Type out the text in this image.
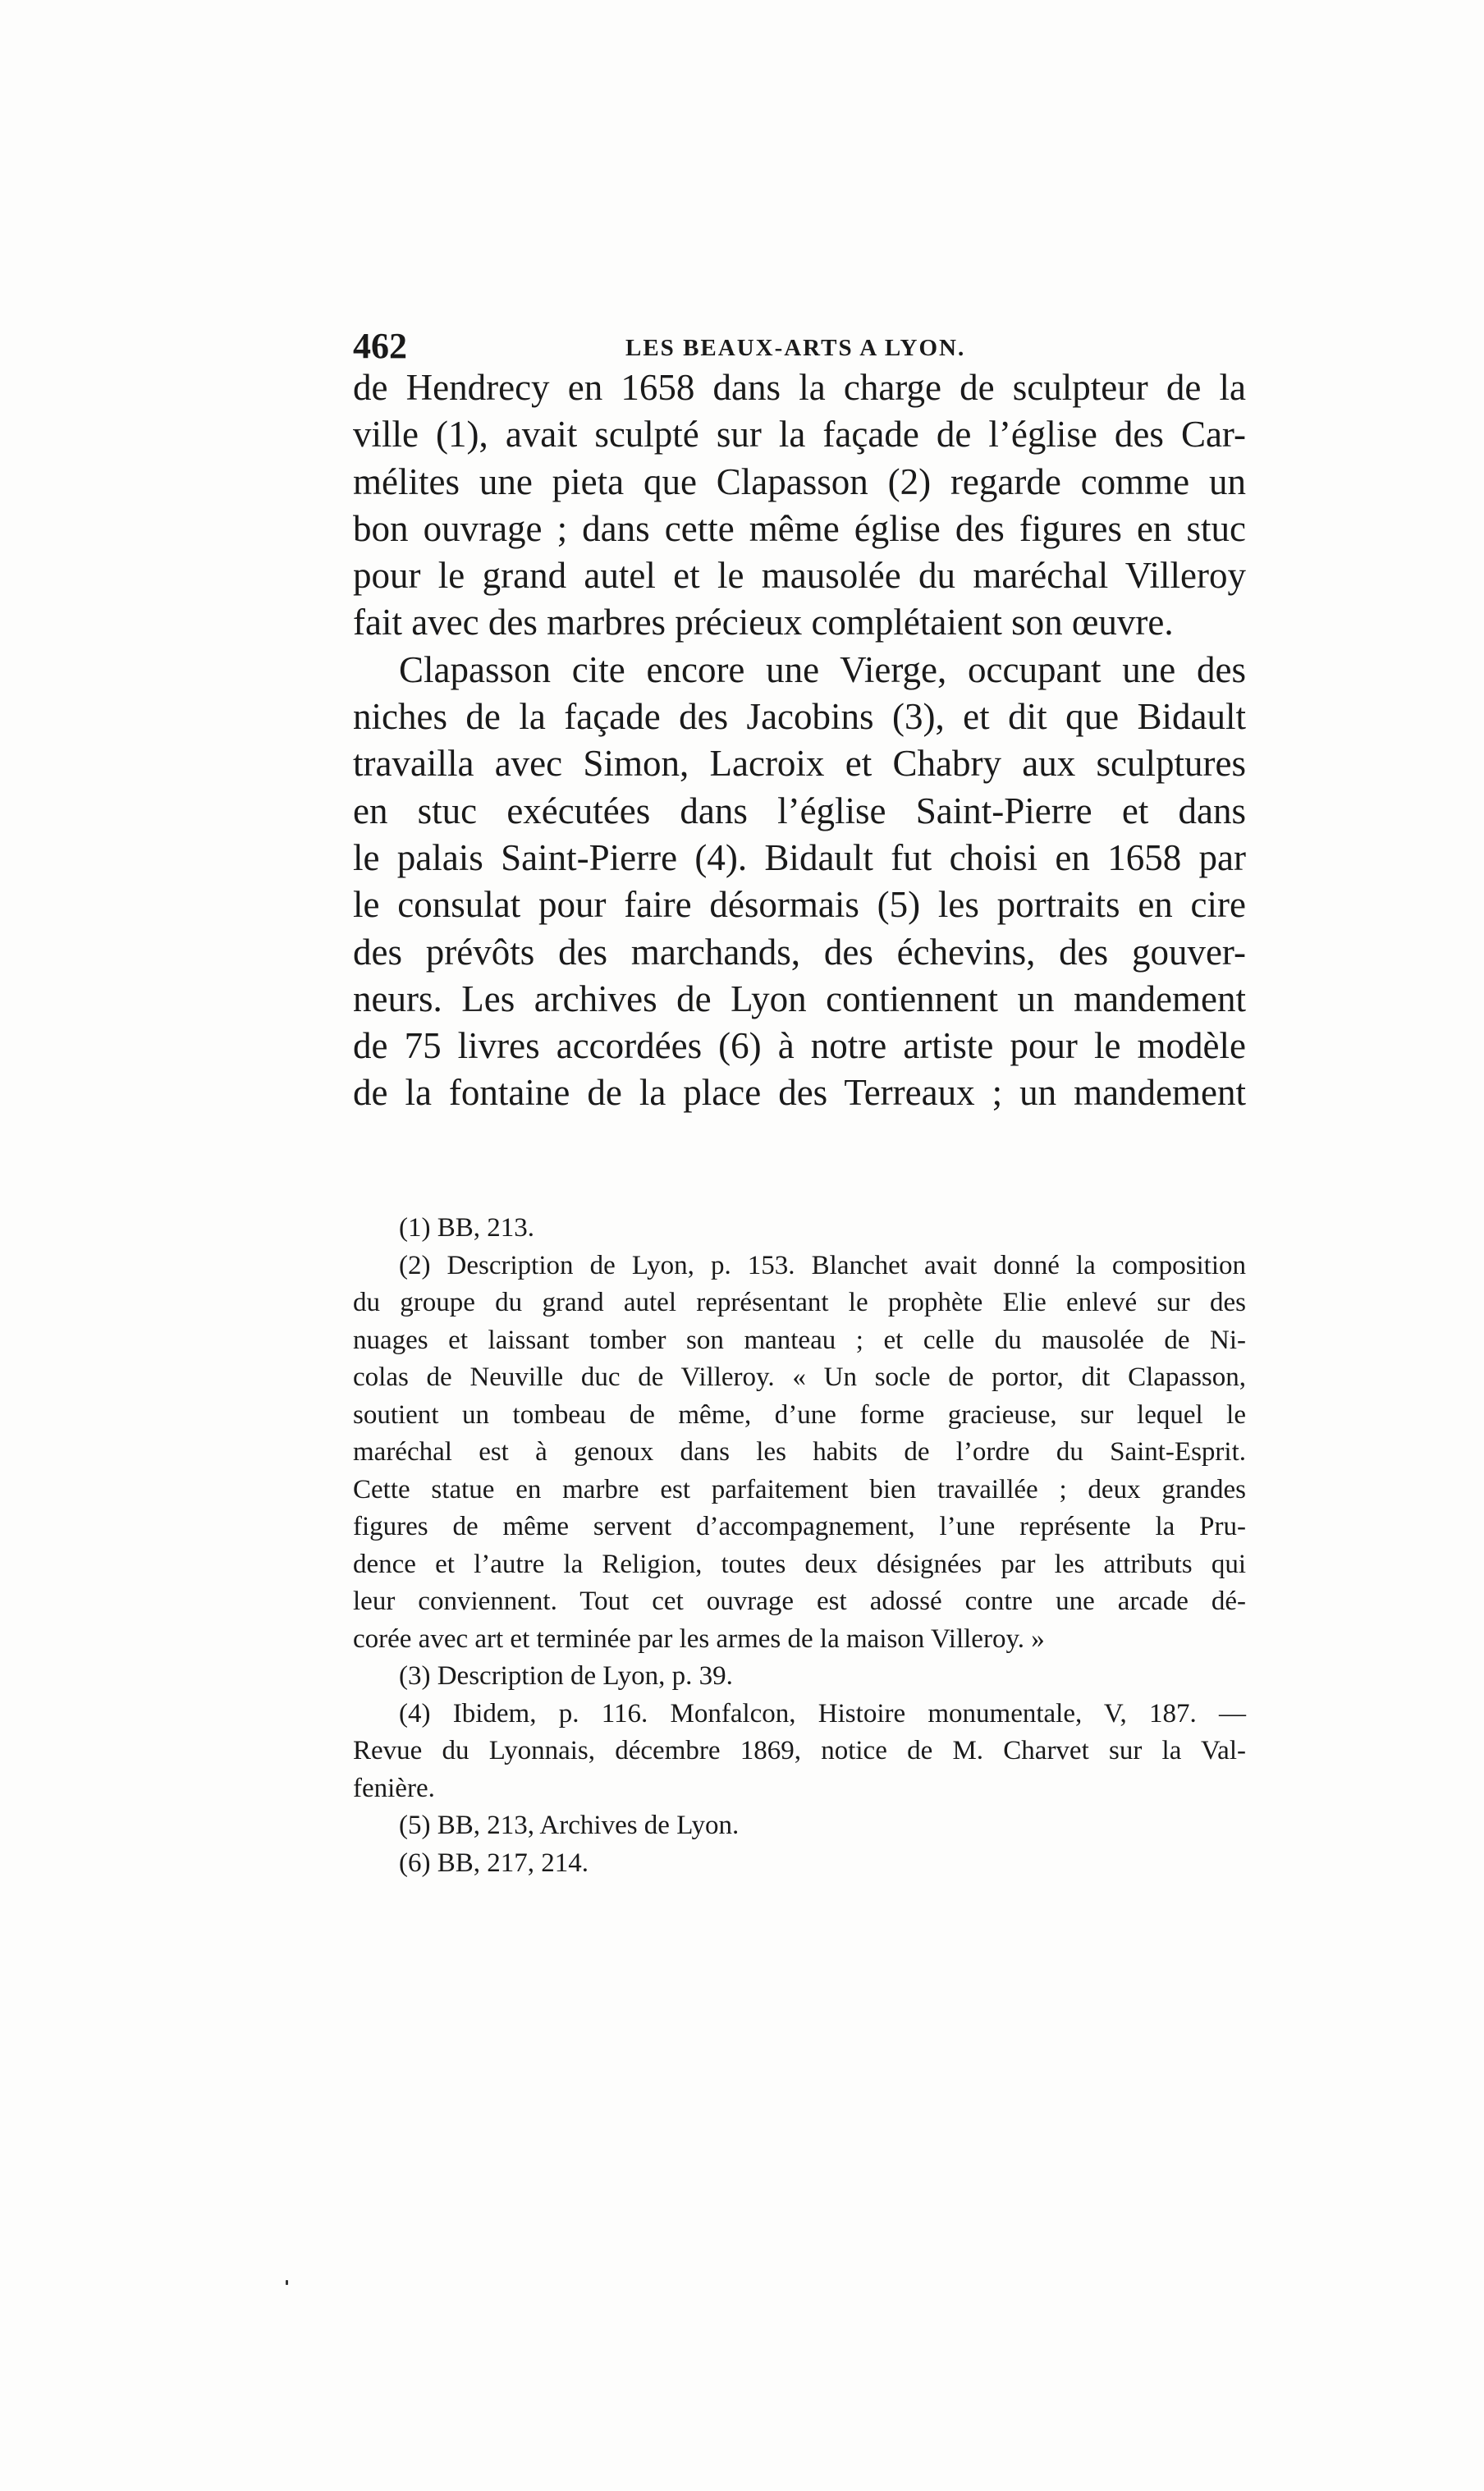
462	LES BEAUX-ARTS A LYON.
de Hendrecy en 1658 dans la charge de sculpteur de la
ville (1), avait sculpté sur la façade de l’église des Car-
mélites une pieta que Clapasson (2) regarde comme un
bon ouvrage ; dans cette même église des figures en stuc
pour le grand autel et le mausolée du maréchal Villeroy
fait avec des marbres précieux complétaient son œuvre.
Clapasson cite encore une Vierge, occupant une des
niches de la façade des Jacobins (3), et dit que Bidault
travailla avec Simon, Lacroix et Chabry aux sculptures
en stuc exécutées dans l’église Saint-Pierre et dans
le palais Saint-Pierre (4). Bidault fut choisi en 1658 par
le consulat pour faire désormais (5) les portraits en cire
des prévôts des marchands, des échevins, des gouver-
neurs. Les archives de Lyon contiennent un mandement
de 75 livres accordées (6) à notre artiste pour le modèle
de la fontaine de la place des Terreaux ; un mandement
(1) BB, 213.
(2) Description de Lyon, p. 153. Blanchet avait donné la composition
du groupe du grand autel représentant le prophète Elie enlevé sur des
nuages et laissant tomber son manteau ; et celle du mausolée de Ni-
colas de Neuville duc de Villeroy. « Un socle de portor, dit Clapasson,
soutient un tombeau de même, d’une forme gracieuse, sur lequel le
maréchal est à genoux dans les habits de l’ordre du Saint-Esprit.
Cette statue en marbre est parfaitement bien travaillée ; deux grandes
figures de même servent d’accompagnement, l’une représente la Pru-
dence et l’autre la Religion, toutes deux désignées par les attributs qui
leur conviennent. Tout cet ouvrage est adossé contre une arcade dé-
corée avec art et terminée par les armes de la maison Villeroy. »
(3) Description de Lyon, p. 39.
(4) Ibidem, p. 116. Monfalcon, Histoire monumentale, V, 187. —
Revue du Lyonnais, décembre 1869, notice de M. Charvet sur la Val-
fenière.
(5) BB, 213, Archives de Lyon.
(6) BB, 217, 214.
